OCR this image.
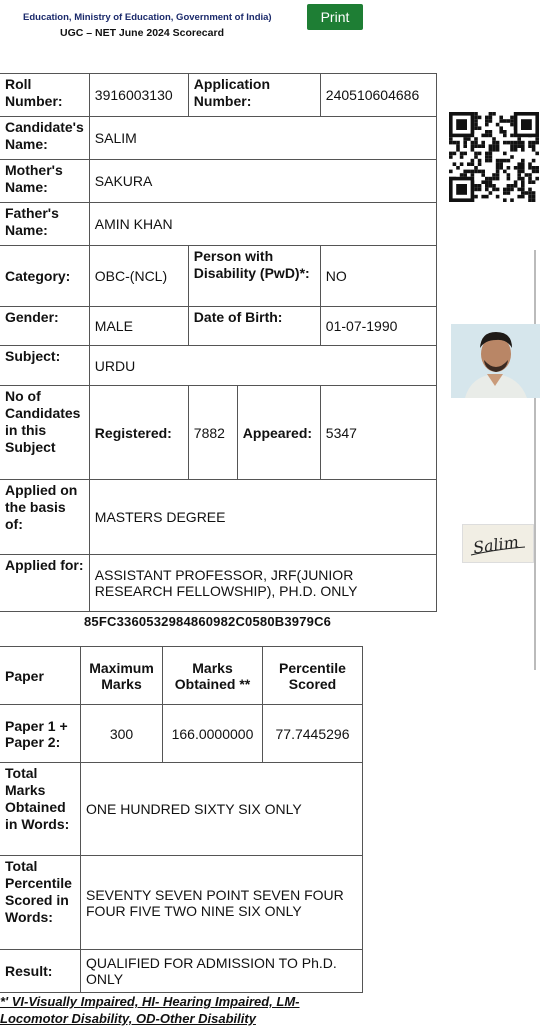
Education, Ministry of Education, Government of India)
UGC – NET June 2024 Scorecard
Print
Roll Number:	3916003130	Application Number:		240510604686
Candidate's Name:	SALIM			
Mother's Name:	SAKURA			
Father's Name:	AMIN KHAN			
Category:	OBC-(NCL)	Person with Disability (PwD)*:		NO
Gender:	MALE	Date of Birth:		01-07-1990
Subject:	URDU			
No of Candidates in this Subject	Registered:	7882	Appeared:	5347
Applied on the basis of:	MASTERS DEGREE			
Applied for:	ASSISTANT PROFESSOR, JRF(JUNIOR RESEARCH FELLOWSHIP), PH.D. ONLY			
85FC3360532984860982C0580B3979C6
Paper	Maximum Marks	Marks Obtained **	Percentile Scored
Paper 1 + Paper 2:	300	166.0000000	77.7445296
Total Marks Obtained in Words:	ONE HUNDRED SIXTY SIX ONLY		
Total Percentile Scored in Words:	SEVENTY SEVEN POINT SEVEN FOUR FOUR FIVE TWO NINE SIX ONLY		
Result:	QUALIFIED FOR ADMISSION TO Ph.D. ONLY		
*' VI-Visually Impaired, HI- Hearing Impaired, LM-Locomotor Disability, OD-Other Disability
Salim
